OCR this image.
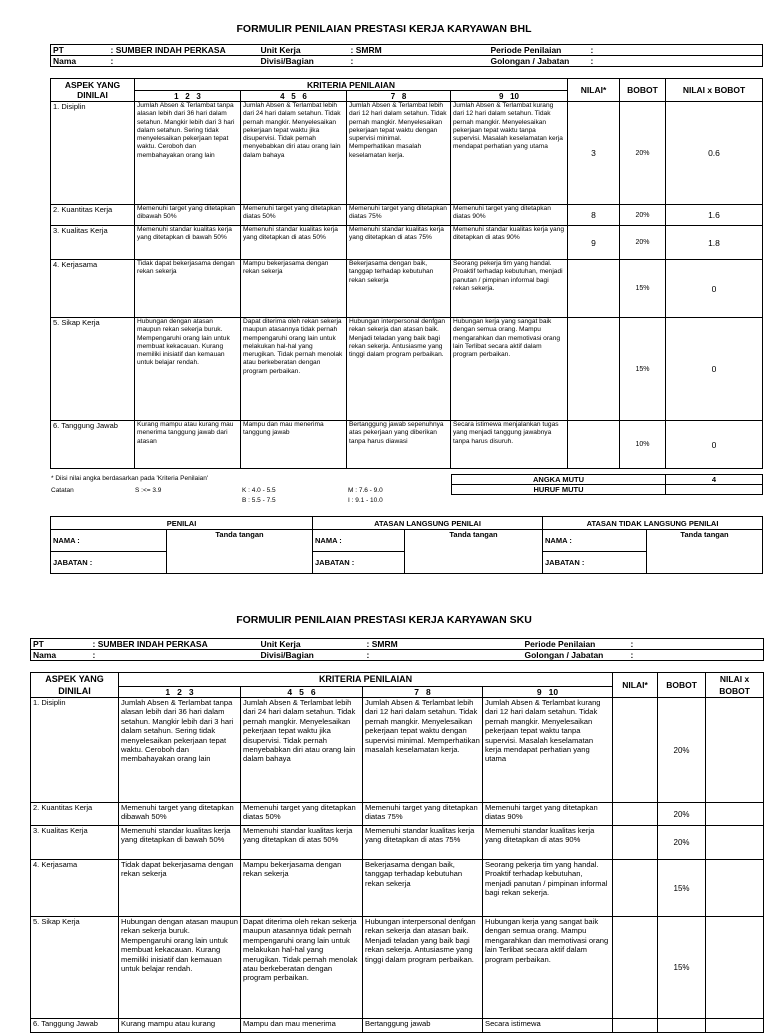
FORMULIR PENILAIAN PRESTASI KERJA KARYAWAN BHL
PT	: SUMBER INDAH PERKASA	Unit Kerja	: SMRM	Periode Penilaian	:
Nama	:	Divisi/Bagian	:	Golongan / Jabatan	:
ASPEK YANG DINILAI	KRITERIA PENILAIAN				NILAI*	BOBOT	NILAI x BOBOT
	1   2   3	4   5   6	7   8	9   10			
1. Disiplin	Jumlah Absen & Terlambat tanpa alasan lebih dari 36 hari dalam setahun. Mangkir lebih dari 3 hari dalam setahun. Sering tidak menyelesaikan pekerjaan tepat waktu. Ceroboh dan membahayakan orang lain	Jumlah Absen & Terlambat lebih dari 24 hari dalam setahun. Tidak pernah mangkir. Menyelesaikan pekerjaan tepat waktu jika disupervisi. Tidak pernah menyebabkan diri atau orang lain dalam bahaya	Jumlah Absen & Terlambat lebih dari 12 hari dalam setahun. Tidak pernah mangkir. Menyelesaikan pekerjaan tepat waktu dengan supervisi minimal. Memperhatikan masalah keselamatan kerja.	Jumlah Absen & Terlambat kurang dari 12 hari dalam setahun. Tidak pernah mangkir. Menyelesaikan pekerjaan tepat waktu tanpa supervisi. Masalah keselamatan kerja mendapat perhatian yang utama	3	20%	0.6
2. Kuantitas Kerja	Memenuhi target yang ditetapkan dibawah 50%	Memenuhi target yang ditetapkan diatas 50%	Memenuhi target yang ditetapkan diatas 75%	Memenuhi target yang ditetapkan diatas 90%	8	20%	1.6
3. Kualitas Kerja	Memenuhi standar kualitas kerja yang ditetapkan di bawah 50%	Memenuhi standar kualitas kerja yang ditetapkan di atas 50%	Memenuhi standar kualitas kerja yang ditetapkan di atas 75%	Memenuhi standar kualitas kerja yang ditetapkan di atas 90%	9	20%	1.8
4. Kerjasama	Tidak dapat bekerjasama dengan rekan sekerja	Mampu bekerjasama dengan rekan sekerja	Bekerjasama dengan baik, tanggap terhadap kebutuhan rekan sekerja	Seorang pekerja tim yang handal. Proaktif terhadap kebutuhan, menjadi panutan / pimpinan informal bagi rekan sekerja.		15%	0
5. Sikap Kerja	Hubungan dengan atasan maupun rekan sekerja buruk. Mempengaruhi orang lain untuk membuat kekacauan. Kurang memiliki inisiatif dan kemauan untuk belajar rendah.	Dapat diterima oleh rekan sekerja maupun atasannya tidak pernah mempengaruhi orang lain untuk melakukan hal-hal yang merugikan. Tidak pernah menolak atau berkeberatan dengan program perbaikan.	Hubungan interpersonal denfgan rekan sekerja dan atasan baik. Menjadi teladan yang baik bagi rekan sekerja. Antusiasme yang tinggi dalam program perbaikan.	Hubungan kerja yang sangat baik dengan semua orang. Mampu mengarahkan dan memotivasi orang lain Terlibat secara aktif dalam program perbaikan.		15%	0
6. Tanggung Jawab	Kurang mampu atau kurang mau menerima tanggung jawab dari atasan	Mampu dan mau menerima tanggung jawab	Bertanggung jawab sepenuhnya atas pekerjaan yang diberikan tanpa harus diawasi	Secara istimewa menjalankan tugas yang menjadi tanggung jawabnya tanpa harus disuruh.		10%	0
ANGKA MUTU	4
HURUF MUTU	
* Diisi nilai angka berdasarkan pada 'Kriteria Penilaian'
Catatan	S :<= 3.9	K : 4.0 - 5.5
B : 5.5 - 7.5
M : 7.6 - 9.0
I : 9.1 - 10.0
PENILAI		ATASAN LANGSUNG PENILAI		ATASAN TIDAK LANGSUNG PENILAI	
NAMA :	Tanda tangan	NAMA :	Tanda tangan	NAMA :	Tanda tangan
JABATAN :		JABATAN :		JABATAN :	
FORMULIR PENILAIAN PRESTASI KERJA KARYAWAN SKU
PT	: SUMBER INDAH PERKASA	Unit Kerja	: SMRM	Periode Penilaian	:
Nama	:	Divisi/Bagian	:	Golongan / Jabatan	:
ASPEK YANG DINILAI	KRITERIA PENILAIAN				NILAI*	BOBOT	NILAI x BOBOT
	1   2   3	4   5   6	7   8	9   10			
1. Disiplin	Jumlah Absen & Terlambat tanpa alasan lebih dari 36 hari dalam setahun. Mangkir lebih dari 3 hari dalam setahun. Sering tidak menyelesaikan pekerjaan tepat waktu. Ceroboh dan membahayakan orang lain	Jumlah Absen & Terlambat lebih dari 24 hari dalam setahun. Tidak pernah mangkir. Menyelesaikan pekerjaan tepat waktu jika disupervisi. Tidak pernah menyebabkan diri atau orang lain dalam bahaya	Jumlah Absen & Terlambat lebih dari 12 hari dalam setahun. Tidak pernah mangkir. Menyelesaikan pekerjaan tepat waktu dengan supervisi minimal. Memperhatikan masalah keselamatan kerja.	Jumlah Absen & Terlambat kurang dari 12 hari dalam setahun. Tidak pernah mangkir. Menyelesaikan pekerjaan tepat waktu tanpa supervisi. Masalah keselamatan kerja mendapat perhatian yang utama		20%	
2. Kuantitas Kerja	Memenuhi target yang ditetapkan dibawah 50%	Memenuhi target yang ditetapkan diatas 50%	Memenuhi target yang ditetapkan diatas 75%	Memenuhi target yang ditetapkan diatas 90%		20%	
3. Kualitas Kerja	Memenuhi standar kualitas kerja yang ditetapkan di bawah 50%	Memenuhi standar kualitas kerja yang ditetapkan di atas 50%	Memenuhi standar kualitas kerja yang ditetapkan di atas 75%	Memenuhi standar kualitas kerja yang ditetapkan di atas 90%		20%	
4. Kerjasama	Tidak dapat bekerjasama dengan rekan sekerja	Mampu bekerjasama dengan rekan sekerja	Bekerjasama dengan baik, tanggap terhadap kebutuhan rekan sekerja	Seorang pekerja tim yang handal. Proaktif terhadap kebutuhan, menjadi panutan / pimpinan informal bagi rekan sekerja.		15%	
5. Sikap Kerja	Hubungan dengan atasan maupun rekan sekerja buruk. Mempengaruhi orang lain untuk membuat kekacauan. Kurang memiliki inisiatif dan kemauan untuk belajar rendah.	Dapat diterima oleh rekan sekerja maupun atasannya tidak pernah mempengaruhi orang lain untuk melakukan hal-hal yang merugikan. Tidak pernah menolak atau berkeberatan dengan program perbaikan.	Hubungan interpersonal denfgan rekan sekerja dan atasan baik. Menjadi teladan yang baik bagi rekan sekerja. Antusiasme yang tinggi dalam program perbaikan.	Hubungan kerja yang sangat baik dengan semua orang. Mampu mengarahkan dan memotivasi orang lain Terlibat secara aktif dalam program perbaikan.		15%	
6. Tanggung Jawab	Kurang mampu atau kurang	Mampu dan mau menerima	Bertanggung jawab	Secara istimewa			
